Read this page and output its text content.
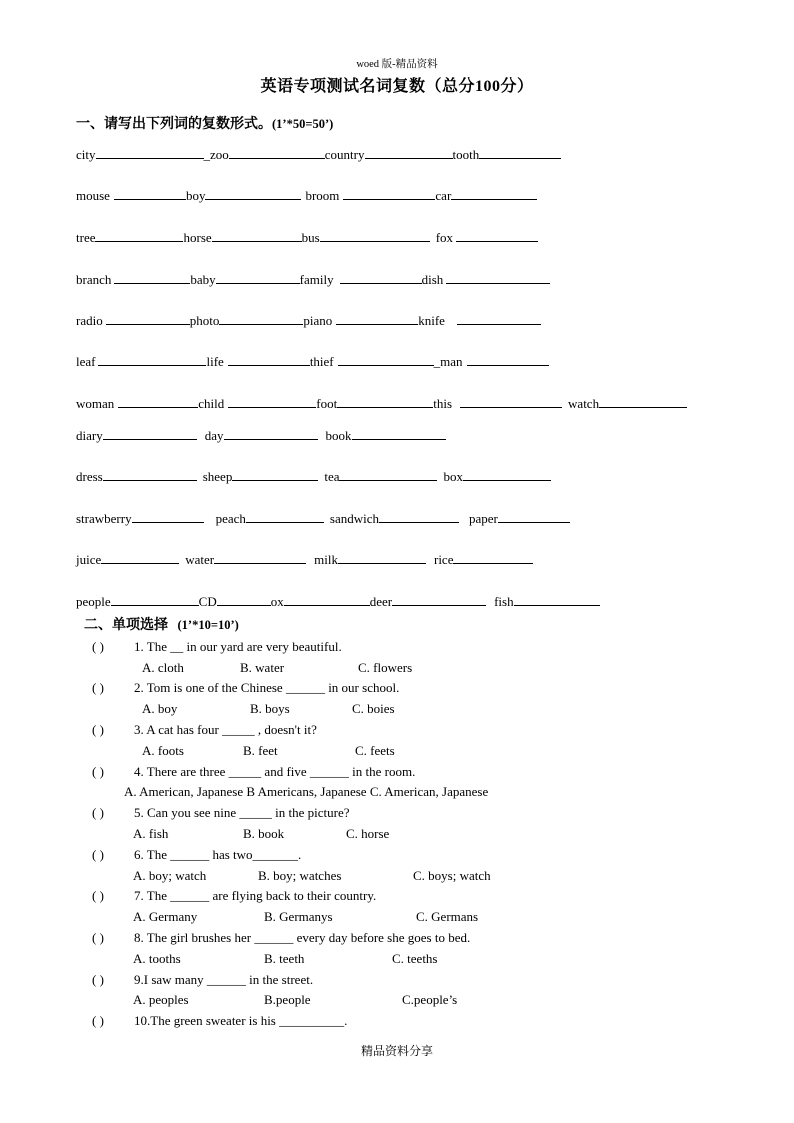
woed 版-精品资料
英语专项测试名词复数（总分100分）
一、请写出下列词的复数形式。(1’*50=50’)
city	_zoo	country	tooth
mouse	boy	broom	car
tree	horse	bus	fox
branch	baby	family	dish
radio	photo	piano	knife
leaf	life	thief	_man
woman	child	foot	this	watch
diary	day	book
dress	sheep	tea	box
strawberry	peach	sandwich	paper
juice	water	milk	rice
people	CD	ox	deer	fish
二、单项选择 (1’*10=10’)
( ) 1. The __ in our yard are very beautiful.
A. cloth	B. water	C. flowers
( ) 2. Tom is one of the Chinese ______ in our school.
A. boy	B. boys	C. boies
( ) 3. A cat has four _____ , doesn't it?
A. foots	B. feet	C. feets
( ) 4. There are three _____ and five ______ in the room.
A. American, Japanese B Americans, Japanese C. American, Japanese
( ) 5. Can you see nine _____ in the picture?
A. fish	B. book	C. horse
( ) 6. The ______ has two_______.
A. boy; watch	B. boy; watches	C. boys; watch
( ) 7. The ______ are flying back to their country.
A. Germany	B. Germanys	C. Germans
( ) 8. The girl brushes her ______ every day before she goes to bed.
A. tooths	B. teeth	C. teeths
( ) 9.I saw many ______ in the street.
A. peoples	B.people	C.people’s
( ) 10.The green sweater is his __________.
精品资料分享
